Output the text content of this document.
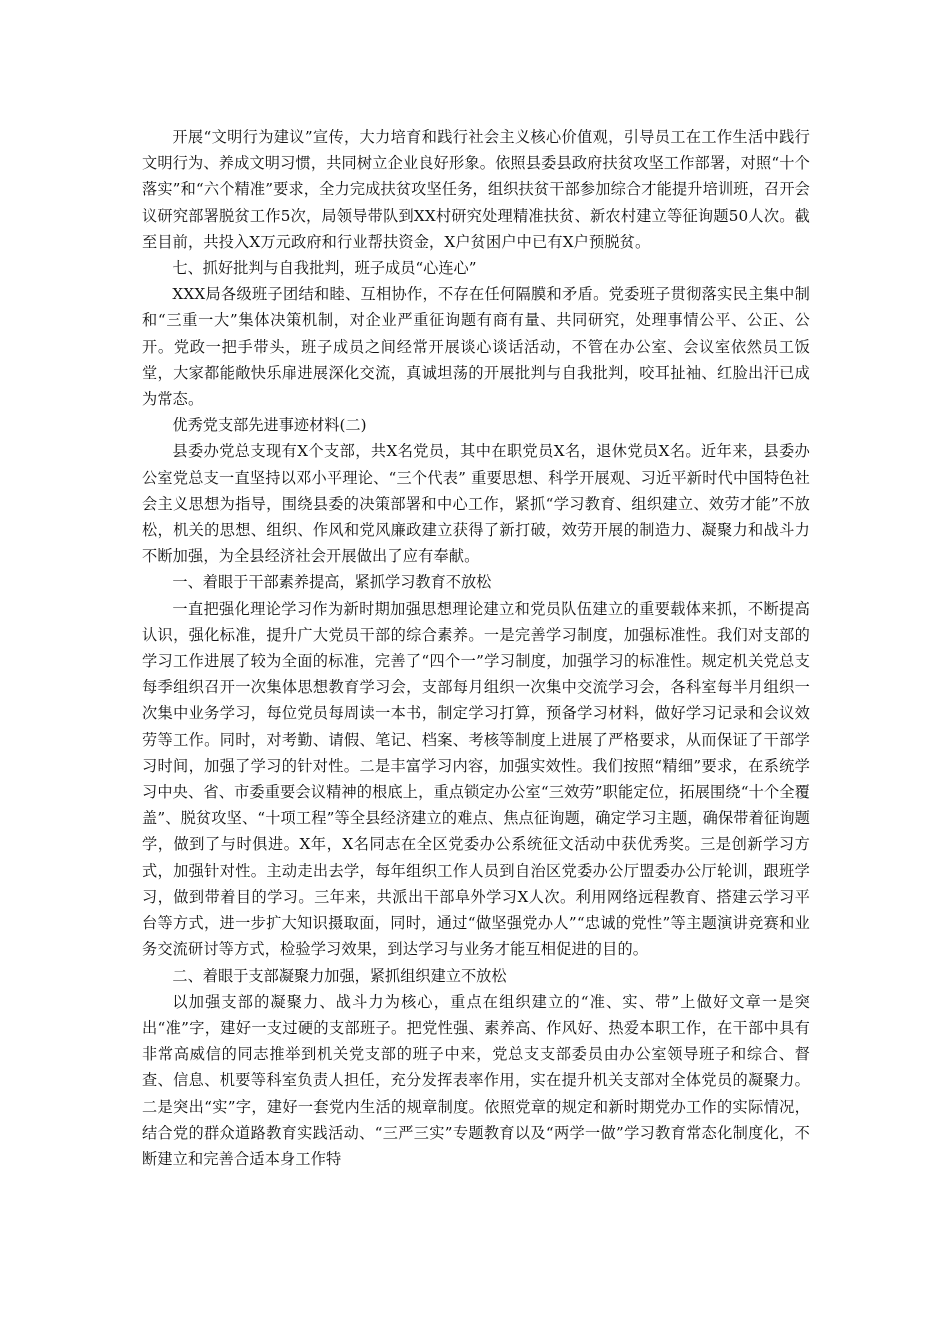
开展“文明行为建议”宣传，大力培育和践行社会主义核心价值观，引导员工在工作生活中践行文明行为、养成文明习惯，共同树立企业良好形象。依照县委县政府扶贫攻坚工作部署，对照“十个落实”和“六个精准”要求，全力完成扶贫攻坚任务，组织扶贫干部参加综合才能提升培训班，召开会议研究部署脱贫工作5次，局领导带队到XX村研究处理精准扶贫、新农村建立等征询题50人次。截至目前，共投入X万元政府和行业帮扶资金，X户贫困户中已有X户预脱贫。

七、抓好批判与自我批判，班子成员“心连心”

XXX局各级班子团结和睦、互相协作，不存在任何隔膜和矛盾。党委班子贯彻落实民主集中制和“三重一大”集体决策机制，对企业严重征询题有商有量、共同研究，处理事情公平、公正、公开。党政一把手带头，班子成员之间经常开展谈心谈话活动，不管在办公室、会议室依然员工饭堂，大家都能敞快乐扉进展深化交流，真诚坦荡的开展批判与自我批判，咬耳扯袖、红脸出汗已成为常态。

优秀党支部先进事迹材料(二)

县委办党总支现有X个支部，共X名党员，其中在职党员X名，退休党员X名。近年来，县委办公室党总支一直坚持以邓小平理论、“三个代表” 重要思想、科学开展观、习近平新时代中国特色社会主义思想为指导，围绕县委的决策部署和中心工作，紧抓“学习教育、组织建立、效劳才能”不放松，机关的思想、组织、作风和党风廉政建立获得了新打破，效劳开展的制造力、凝聚力和战斗力不断加强，为全县经济社会开展做出了应有奉献。

一、着眼于干部素养提高，紧抓学习教育不放松

一直把强化理论学习作为新时期加强思想理论建立和党员队伍建立的重要载体来抓，不断提高认识，强化标准，提升广大党员干部的综合素养。一是完善学习制度，加强标准性。我们对支部的学习工作进展了较为全面的标准，完善了“四个一”学习制度，加强学习的标准性。规定机关党总支每季组织召开一次集体思想教育学习会，支部每月组织一次集中交流学习会，各科室每半月组织一次集中业务学习，每位党员每周读一本书，制定学习打算，预备学习材料，做好学习记录和会议效劳等工作。同时，对考勤、请假、笔记、档案、考核等制度上进展了严格要求，从而保证了干部学习时间，加强了学习的针对性。二是丰富学习内容，加强实效性。我们按照“精细”要求，在系统学习中央、省、市委重要会议精神的根底上，重点锁定办公室“三效劳”职能定位，拓展围绕“十个全覆盖”、脱贫攻坚、“十项工程”等全县经济建立的难点、焦点征询题，确定学习主题，确保带着征询题学，做到了与时俱进。X年，X名同志在全区党委办公系统征文活动中获优秀奖。三是创新学习方式，加强针对性。主动走出去学，每年组织工作人员到自治区党委办公厅盟委办公厅轮训，跟班学习，做到带着目的学习。三年来，共派出干部阜外学习X人次。利用网络远程教育、搭建云学习平台等方式，进一步扩大知识摄取面，同时，通过“做坚强党办人”“忠诚的党性”等主题演讲竞赛和业务交流研讨等方式，检验学习效果，到达学习与业务才能互相促进的目的。

二、着眼于支部凝聚力加强，紧抓组织建立不放松

以加强支部的凝聚力、战斗力为核心，重点在组织建立的“准、实、带”上做好文章一是突出“准”字，建好一支过硬的支部班子。把党性强、素养高、作风好、热爱本职工作，在干部中具有非常高威信的同志推举到机关党支部的班子中来，党总支支部委员由办公室领导班子和综合、督查、信息、机要等科室负责人担任，充分发挥表率作用，实在提升机关支部对全体党员的凝聚力。二是突出“实”字，建好一套党内生活的规章制度。依照党章的规定和新时期党办工作的实际情况，结合党的群众道路教育实践活动、“三严三实”专题教育以及“两学一做”学习教育常态化制度化，不断建立和完善合适本身工作特
